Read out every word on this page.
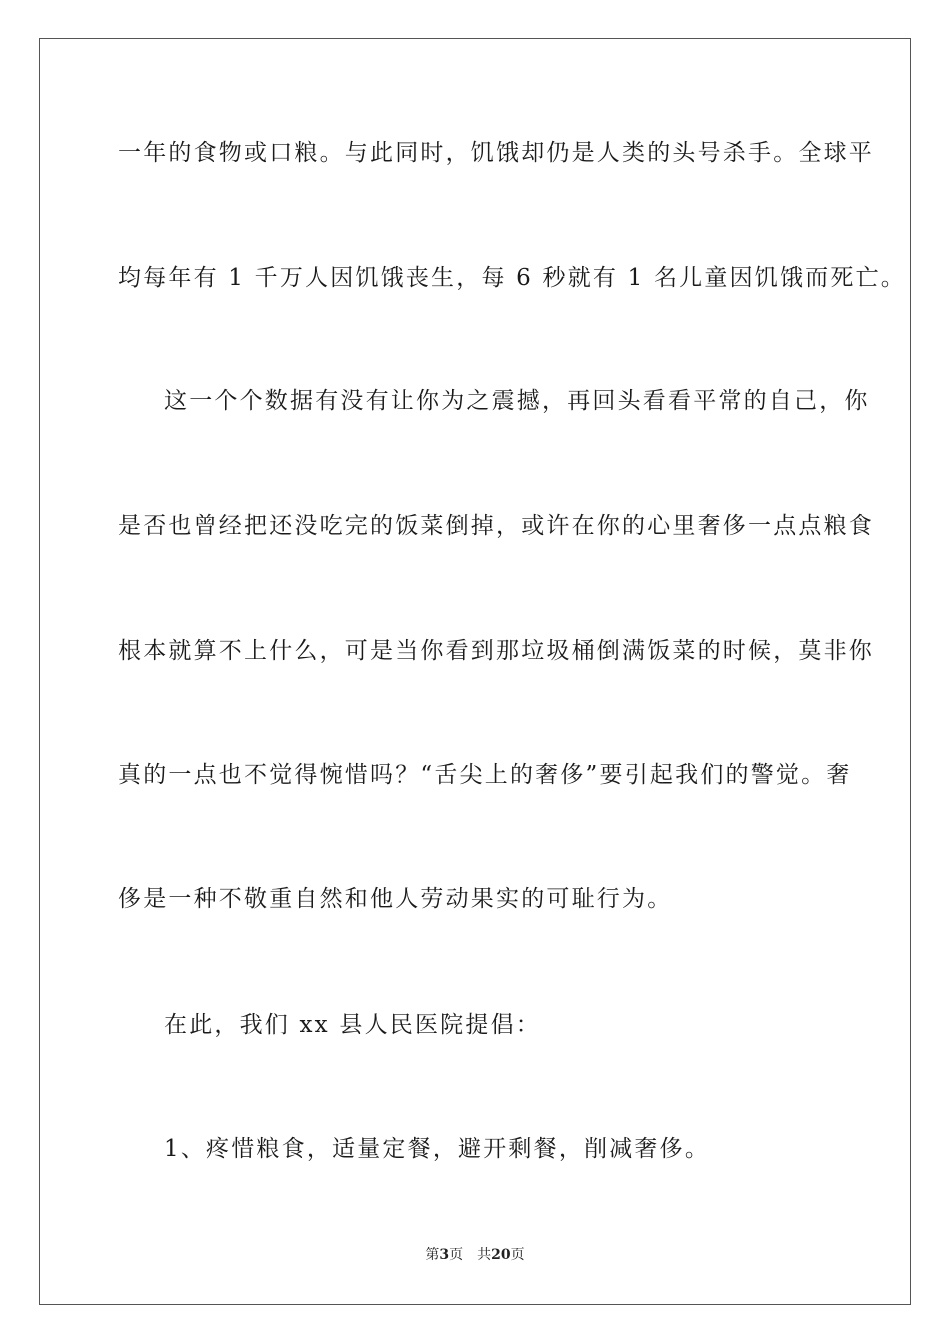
一年的食物或口粮。与此同时，饥饿却仍是人类的头号杀手。全球平
均每年有 1 千万人因饥饿丧生，每 6 秒就有 1 名儿童因饥饿而死亡。
这一个个数据有没有让你为之震撼，再回头看看平常的自己，你
是否也曾经把还没吃完的饭菜倒掉，或许在你的心里奢侈一点点粮食
根本就算不上什么，可是当你看到那垃圾桶倒满饭菜的时候，莫非你
真的一点也不觉得惋惜吗？“舌尖上的奢侈”要引起我们的警觉。奢
侈是一种不敬重自然和他人劳动果实的可耻行为。
在此，我们 xx 县人民医院提倡：
1、疼惜粮食，适量定餐，避开剩餐，削减奢侈。
第3页 共20页
